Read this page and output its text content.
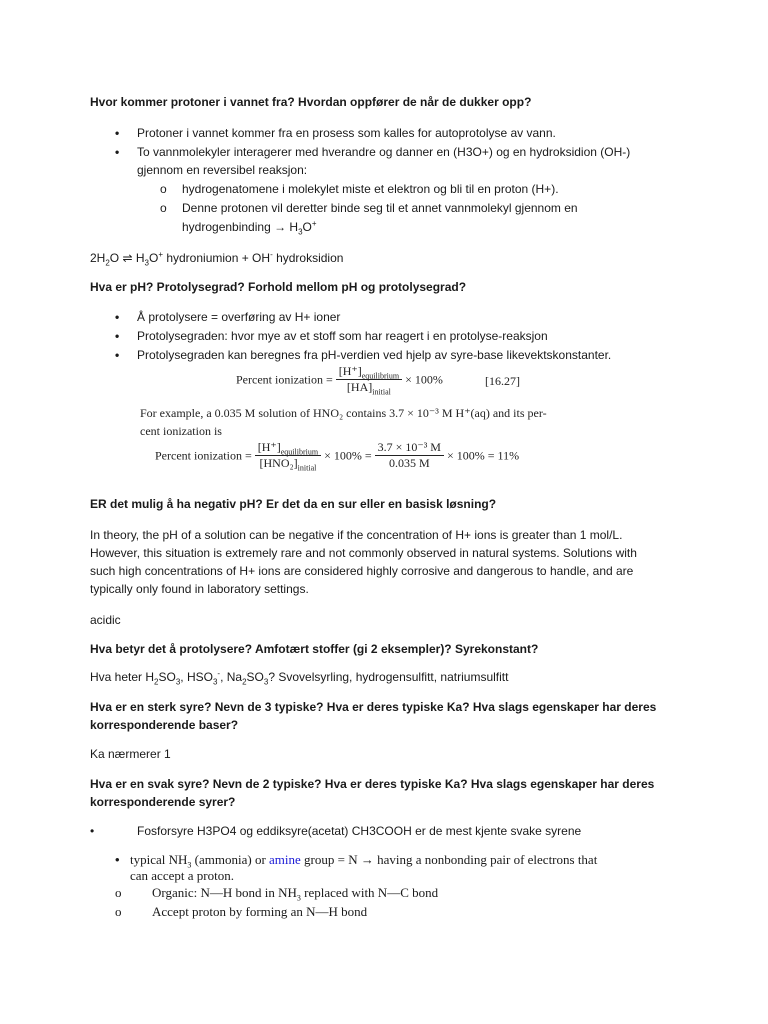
Hvor kommer protoner i vannet fra? Hvordan oppfører de når de dukker opp?
• Protoner i vannet kommer fra en prosess som kalles for autoprotolyse av vann.
• To vannmolekyler interagerer med hverandre og danner en (H3O+) og en hydroksidion (OH-)
gjennom en reversibel reaksjon:
o hydrogenatomene i molekylet miste et elektron og bli til en proton (H+).
o Denne protonen vil deretter binde seg til et annet vannmolekyl gjennom en
hydrogenbinding → $H_3O^+$
$2H_2O$ ⇌ $H_3O^+$ hydroniumion + OH- hydroksidion
Hva er pH? Protolysegrad? Forhold mellom pH og protolysegrad?
• Å protolysere = overføring av H+ ioner
• Protolysegraden: hvor mye av et stoff som har reagert i en protolyse-reaksjon
• Protolysegraden kan beregnes fra pH-verdien ved hjelp av syre-base likevektskonstanter.
Percent ionization = $\frac{[H^+]_{equilibrium}}{[HA]_{initial}} \times 100\%$	[16.27]
For example, a 0.035 M solution of HNO₂ contains 3.7 × 10⁻³ M H⁺(aq) and its per-
cent ionization is
Percent ionization = $\frac{[H^+]_{equilibrium}}{[HNO_2]_{initial}} \times 100\% = \frac{\text{3.7 × 10⁻³ M}}{0.035 M} \times 100\% = 11\%$
ER det mulig å ha negativ pH? Er det da en sur eller en basisk løsning?
In theory, the pH of a solution can be negative if the concentration of H+ ions is greater than 1 mol/L.
However, this situation is extremely rare and not commonly observed in natural systems. Solutions with
such high concentrations of H+ ions are considered highly corrosive and dangerous to handle, and are
typically only found in laboratory settings.
acidic
Hva betyr det å protolysere? Amfotært stoffer (gi 2 eksempler)? Syrekonstant?
Hva heter $H_2SO_3$, $HSO_3^-$, $Na_2SO_3$? Svovelsyrling, hydrogensulfitt, natriumsulfitt
Hva er en sterk syre? Nevn de 3 typiske? Hva er deres typiske Ka? Hva slags egenskaper har deres
korresponderende baser?
Ka nærmerer 1
Hva er en svak syre? Nevn de 2 typiske? Hva er deres typiske Ka? Hva slags egenskaper har deres
korresponderende syrer?
•	Fosforsyre H3PO4 og eddiksyre(acetat) CH3COOH er de mest kjente svake syrene
• typical $NH_3$ (ammonia) or amine group = N → having a nonbonding pair of electrons that
can accept a proton.
o Organic: N—H bond in $NH_3$ replaced with N—C bond
o Accept proton by forming an N—H bond
